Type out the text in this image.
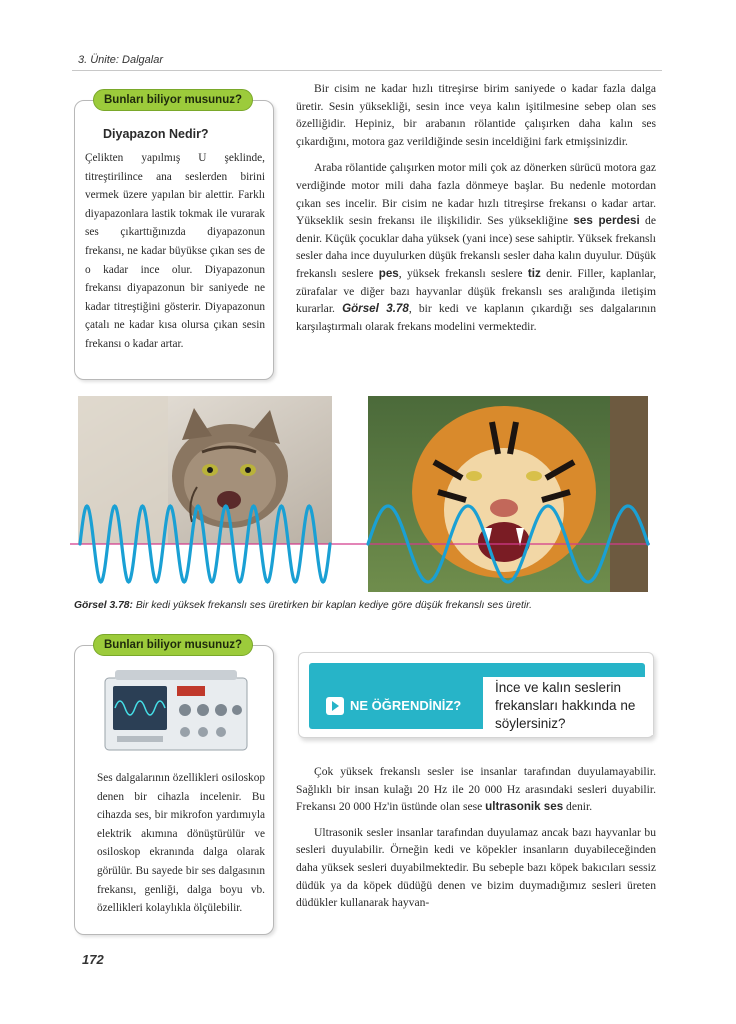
3. Ünite: Dalgalar
Bunları biliyor musunuz?
Diyapazon Nedir?
Çelikten yapılmış U şeklinde, titreştirilince ana seslerden birini vermek üzere yapılan bir alettir. Farklı diyapazonlara lastik tokmak ile vurarak ses çıkarttığınızda diyapazonun frekansı, ne kadar büyükse çıkan ses de o kadar ince olur. Diyapazonun frekansı diyapazonun bir saniyede ne kadar titreştiğini gösterir. Diyapazonun çatalı ne kadar kısa olursa çıkan sesin frekansı o kadar artar.

Bir cisim ne kadar hızlı titreşirse birim saniyede o kadar fazla dalga üretir. Sesin yüksekliği, sesin ince veya kalın işitilmesine sebep olan ses özelliğidir. Hepiniz, bir arabanın rölantide çalışırken daha kalın ses çıkardığını, motora gaz verildiğinde sesin inceldiğini fark etmişsinizdir.

Araba rölantide çalışırken motor mili çok az dönerken sürücü motora gaz verdiğinde motor mili daha fazla dönmeye başlar. Bu nedenle motordan çıkan ses incelir. Bir cisim ne kadar hızlı titreşirse frekansı o kadar artar. Yükseklik sesin frekansı ile ilişkilidir. Ses yüksekliğine ses perdesi de denir. Küçük çocuklar daha yüksek (yani ince) sese sahiptir. Yüksek frekanslı sesler daha ince duyulurken düşük frekanslı sesler daha kalın duyulur. Düşük frekanslı seslere pes, yüksek frekanslı seslere tiz denir. Filler, kaplanlar, zürafalar ve diğer bazı hayvanlar düşük frekanslı ses aralığında iletişim kurarlar. Görsel 3.78, bir kedi ve kaplanın çıkardığı ses dalgalarının karşılaştırmalı olarak frekans modelini vermektedir.

Görsel 3.78: Bir kedi yüksek frekanslı ses üretirken bir kaplan kediye göre düşük frekanslı ses üretir.
Bunları biliyor musunuz?
Ses dalgalarının özellikleri osiloskop denen bir cihazla incelenir. Bu cihazda ses, bir mikrofon yardımıyla elektrik akımına dönüştürülür ve osiloskop ekranında dalga olarak görülür. Bu sayede bir ses dalgasının frekansı, genliği, dalga boyu vb. özellikleri kolaylıkla ölçülebilir.
NE ÖĞRENDİNİZ?
İnce ve kalın seslerin frekansları hakkında ne söylersiniz?

Çok yüksek frekanslı sesler ise insanlar tarafından duyulamayabilir. Sağlıklı bir insan kulağı 20 Hz ile 20 000 Hz arasındaki sesleri duyabilir. Frekansı 20 000 Hz'in üstünde olan sese ultrasonik ses denir.

Ultrasonik sesler insanlar tarafından duyulamaz ancak bazı hayvanlar bu sesleri duyulabilir. Örneğin kedi ve köpekler insanların duyabileceğinden daha yüksek sesleri duyabilmektedir. Bu sebeple bazı köpek bakıcıları sessiz düdük ya da köpek düdüğü denen ve bizim duymadığımız sesleri üreten düdükler kullanarak hayvan-

172
